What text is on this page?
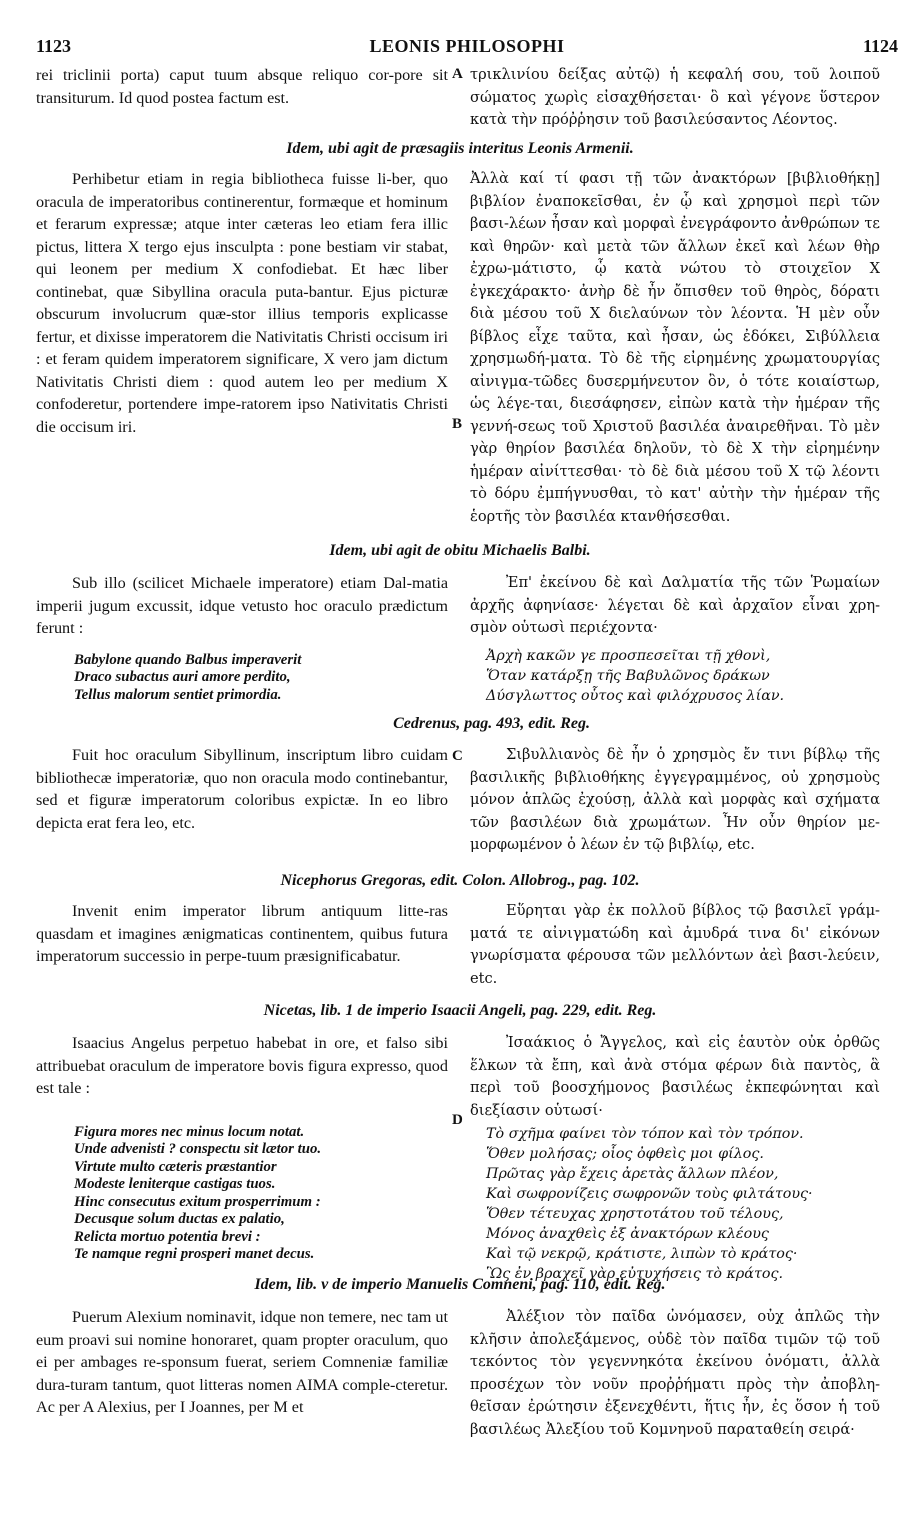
1123	LEONIS PHILOSOPHI	1124

rei triclinii porta) caput tuum absque reliquo cor-pore sit transiturum. Id quod postea factum est.

A τρικλινίου δείξας αὐτῷ) ἡ κεφαλή σου, τοῦ λοιποῦ σώματος χωρὶς εἰσαχθήσεται· ὃ καὶ γέγονε ὕστερον κατὰ τὴν πρόῤῥησιν τοῦ βασιλεύσαντος Λέοντος.

Idem, ubi agit de præsagiis interitus Leonis Armenii.

Perhibetur etiam in regia bibliotheca fuisse li-ber, quo oracula de imperatoribus continerentur, formæque et hominum et ferarum expressæ; atque inter cæteras leo etiam fera illic pictus, littera X tergo ejus insculpta : pone bestiam vir stabat, qui leonem per medium X confodiebat. Et hæc liber continebat, quæ Sibyllina oracula puta-bantur. Ejus picturæ obscurum involucrum quæ-stor illius temporis explicasse fertur, et dixisse imperatorem die Nativitatis Christi occisum iri : et feram quidem imperatorem significare, X vero jam dictum Nativitatis Christi diem : quod autem leo per medium X confoderetur, portendere impe-ratorem ipso Nativitatis Christi die occisum iri.	B

Ἀλλὰ καί τί φασι τῇ τῶν ἀνακτόρων [βιβλιοθήκῃ] βιβλίον ἐναποκεῖσθαι, ἐν ᾧ καὶ χρησμοὶ περὶ τῶν βασι-λέων ἦσαν καὶ μορφαὶ ἐνεγράφοντο ἀνθρώπων τε καὶ θηρῶν· καὶ μετὰ τῶν ἄλλων ἐκεῖ καὶ λέων θὴρ ἐχρω-μάτιστο, ᾧ κατὰ νώτου τὸ στοιχεῖον Χ ἐγκεχάρακτο· ἀνὴρ δὲ ἦν ὄπισθεν τοῦ θηρὸς, δόρατι διὰ μέσου τοῦ Χ διελαύνων τὸν λέοντα. Ἡ μὲν οὖν βίβλος εἶχε ταῦτα, καὶ ἦσαν, ὡς ἐδόκει, Σιβύλλεια χρησμωδή-ματα. Τὸ δὲ τῆς εἰρημένης χρωματουργίας αἰνιγμα-τῶδες δυσερμήνευτον ὂν, ὁ τότε κοιαίστωρ, ὡς λέγε-ται, διεσάφησεν, εἰπὼν κατὰ τὴν ἡμέραν τῆς γεννή-σεως τοῦ Χριστοῦ βασιλέα ἀναιρεθῆναι. Τὸ μὲν γὰρ θηρίον βασιλέα δηλοῦν, τὸ δὲ Χ τὴν εἰρημένην ἡμέραν αἰνίττεσθαι· τὸ δὲ διὰ μέσου τοῦ Χ τῷ λέοντι τὸ δόρυ ἐμπήγνυσθαι, τὸ κατ' αὐτὴν τὴν ἡμέραν τῆς ἑορτῆς τὸν βασιλέα κτανθήσεσθαι.

Idem, ubi agit de obitu Michaelis Balbi.

Sub illo (scilicet Michaele imperatore) etiam Dal-matia imperii jugum excussit, idque vetusto hoc oraculo prædictum ferunt :

Babylone quando Balbus imperaverit
Draco subactus auri amore perdito,
Tellus malorum sentiet primordia.

Ἐπ' ἐκείνου δὲ καὶ Δαλματία τῆς τῶν Ῥωμαίων ἀρχῆς ἀφηνίασε· λέγεται δὲ καὶ ἀρχαῖον εἶναι χρη-σμὸν οὑτωσὶ περιέχοντα·

Ἀρχὴ κακῶν γε προσπεσεῖται τῇ χθονὶ,
Ὅταν κατάρξῃ τῆς Βαβυλῶνος δράκων
Δύσγλωττος οὗτος καὶ φιλόχρυσος λίαν.
Cedrenus, pag. 493, edit. Reg.

Fuit hoc oraculum Sibyllinum, inscriptum libro cuidam bibliothecæ imperatoriæ, quo non oracula modo continebantur, sed et figuræ imperatorum coloribus expictæ. In eo libro depicta erat fera leo, etc.

C	Σιβυλλιανὸς δὲ ἦν ὁ χρησμὸς ἔν τινι βίβλῳ τῆς βασιλικῆς βιβλιοθήκης ἐγγεγραμμένος, οὐ χρησμοὺς μόνον ἁπλῶς ἐχούσῃ, ἀλλὰ καὶ μορφὰς καὶ σχήματα τῶν βασιλέων διὰ χρωμάτων. Ἦν οὖν θηρίον με-μορφωμένον ὁ λέων ἐν τῷ βιβλίῳ, etc.

Nicephorus Gregoras, edit. Colon. Allobrog., pag. 102.

Invenit enim imperator librum antiquum litte-ras quasdam et imagines ænigmaticas continentem, quibus futura imperatorum successio in perpe-tuum præsignificabatur.

Εὕρηται γὰρ ἐκ πολλοῦ βίβλος τῷ βασιλεῖ γράμ-ματά τε αἰνιγματώδη καὶ ἀμυδρά τινα δι' εἰκόνων γνωρίσματα φέρουσα τῶν μελλόντων ἀεὶ βασι-λεύειν, etc.

Nicetas, lib. 1 de imperio Isaacii Angeli, pag. 229, edit. Reg.

Isaacius Angelus perpetuo habebat in ore, et falso sibi attribuebat oraculum de imperatore bovis figura expresso, quod est tale :

Figura mores nec minus locum notat.
Unde advenisti ? conspectu sit lætor tuo.
Virtute multo cæteris præstantior
Modeste leniterque castigas tuos.
Hinc consecutus exitum prosperrimum :
Decusque solum ductas ex palatio,
Relicta mortuo potentia brevi :
Te namque regni prosperi manet decus.
D

Ἰσαάκιος ὁ Ἄγγελος, καὶ εἰς ἑαυτὸν οὐκ ὀρθῶς ἕλκων τὰ ἔπη, καὶ ἀνὰ στόμα φέρων διὰ παντὸς, ἃ περὶ τοῦ βοοσχήμονος βασιλέως ἐκπεφώνηται καὶ διεξίασιν οὑτωσί·

Τὸ σχῆμα φαίνει τὸν τόπον καὶ τὸν τρόπον.
Ὅθεν μολήσας; οἷος ὀφθεὶς μοι φίλος.
Πρῶτας γὰρ ἔχεις ἀρετὰς ἄλλων πλέον,
Καὶ σωφρονίζεις σωφρονῶν τοὺς φιλτάτους·
Ὅθεν τέτευχας χρηστοτάτου τοῦ τέλους,
Μόνος ἀναχθεὶς ἐξ ἀνακτόρων κλέους
Καὶ τῷ νεκρῷ, κράτιστε, λιπὼν τὸ κράτος·
Ὣς ἐν βραχεῖ γὰρ εὐτυχήσεις τὸ κράτος.
Idem, lib. v de imperio Manuelis Comneni, pag. 110, edit. Reg.

Puerum Alexium nominavit, idque non temere, nec tam ut eum proavi sui nomine honoraret, quam propter oraculum, quo ei per ambages re-sponsum fuerat, seriem Comneniæ familiæ dura-turam tantum, quot litteras nomen AIMA comple-cteretur. Ac per A Alexius, per I Joannes, per M et

Ἀλέξιον τὸν παῖδα ὠνόμασεν, οὐχ ἁπλῶς τὴν κλῆσιν ἀπολεξάμενος, οὐδὲ τὸν παῖδα τιμῶν τῷ τοῦ τεκόντος τὸν γεγεννηκότα ἐκείνου ὀνόματι, ἀλλὰ προσέχων τὸν νοῦν προῤῥήματι πρὸς τὴν ἀποβλη-θεῖσαν ἐρώτησιν ἐξενεχθέντι, ἥτις ἦν, ἐς ὅσον ἡ τοῦ βασιλέως Ἀλεξίου τοῦ Κομνηνοῦ παραταθείη σειρά·
